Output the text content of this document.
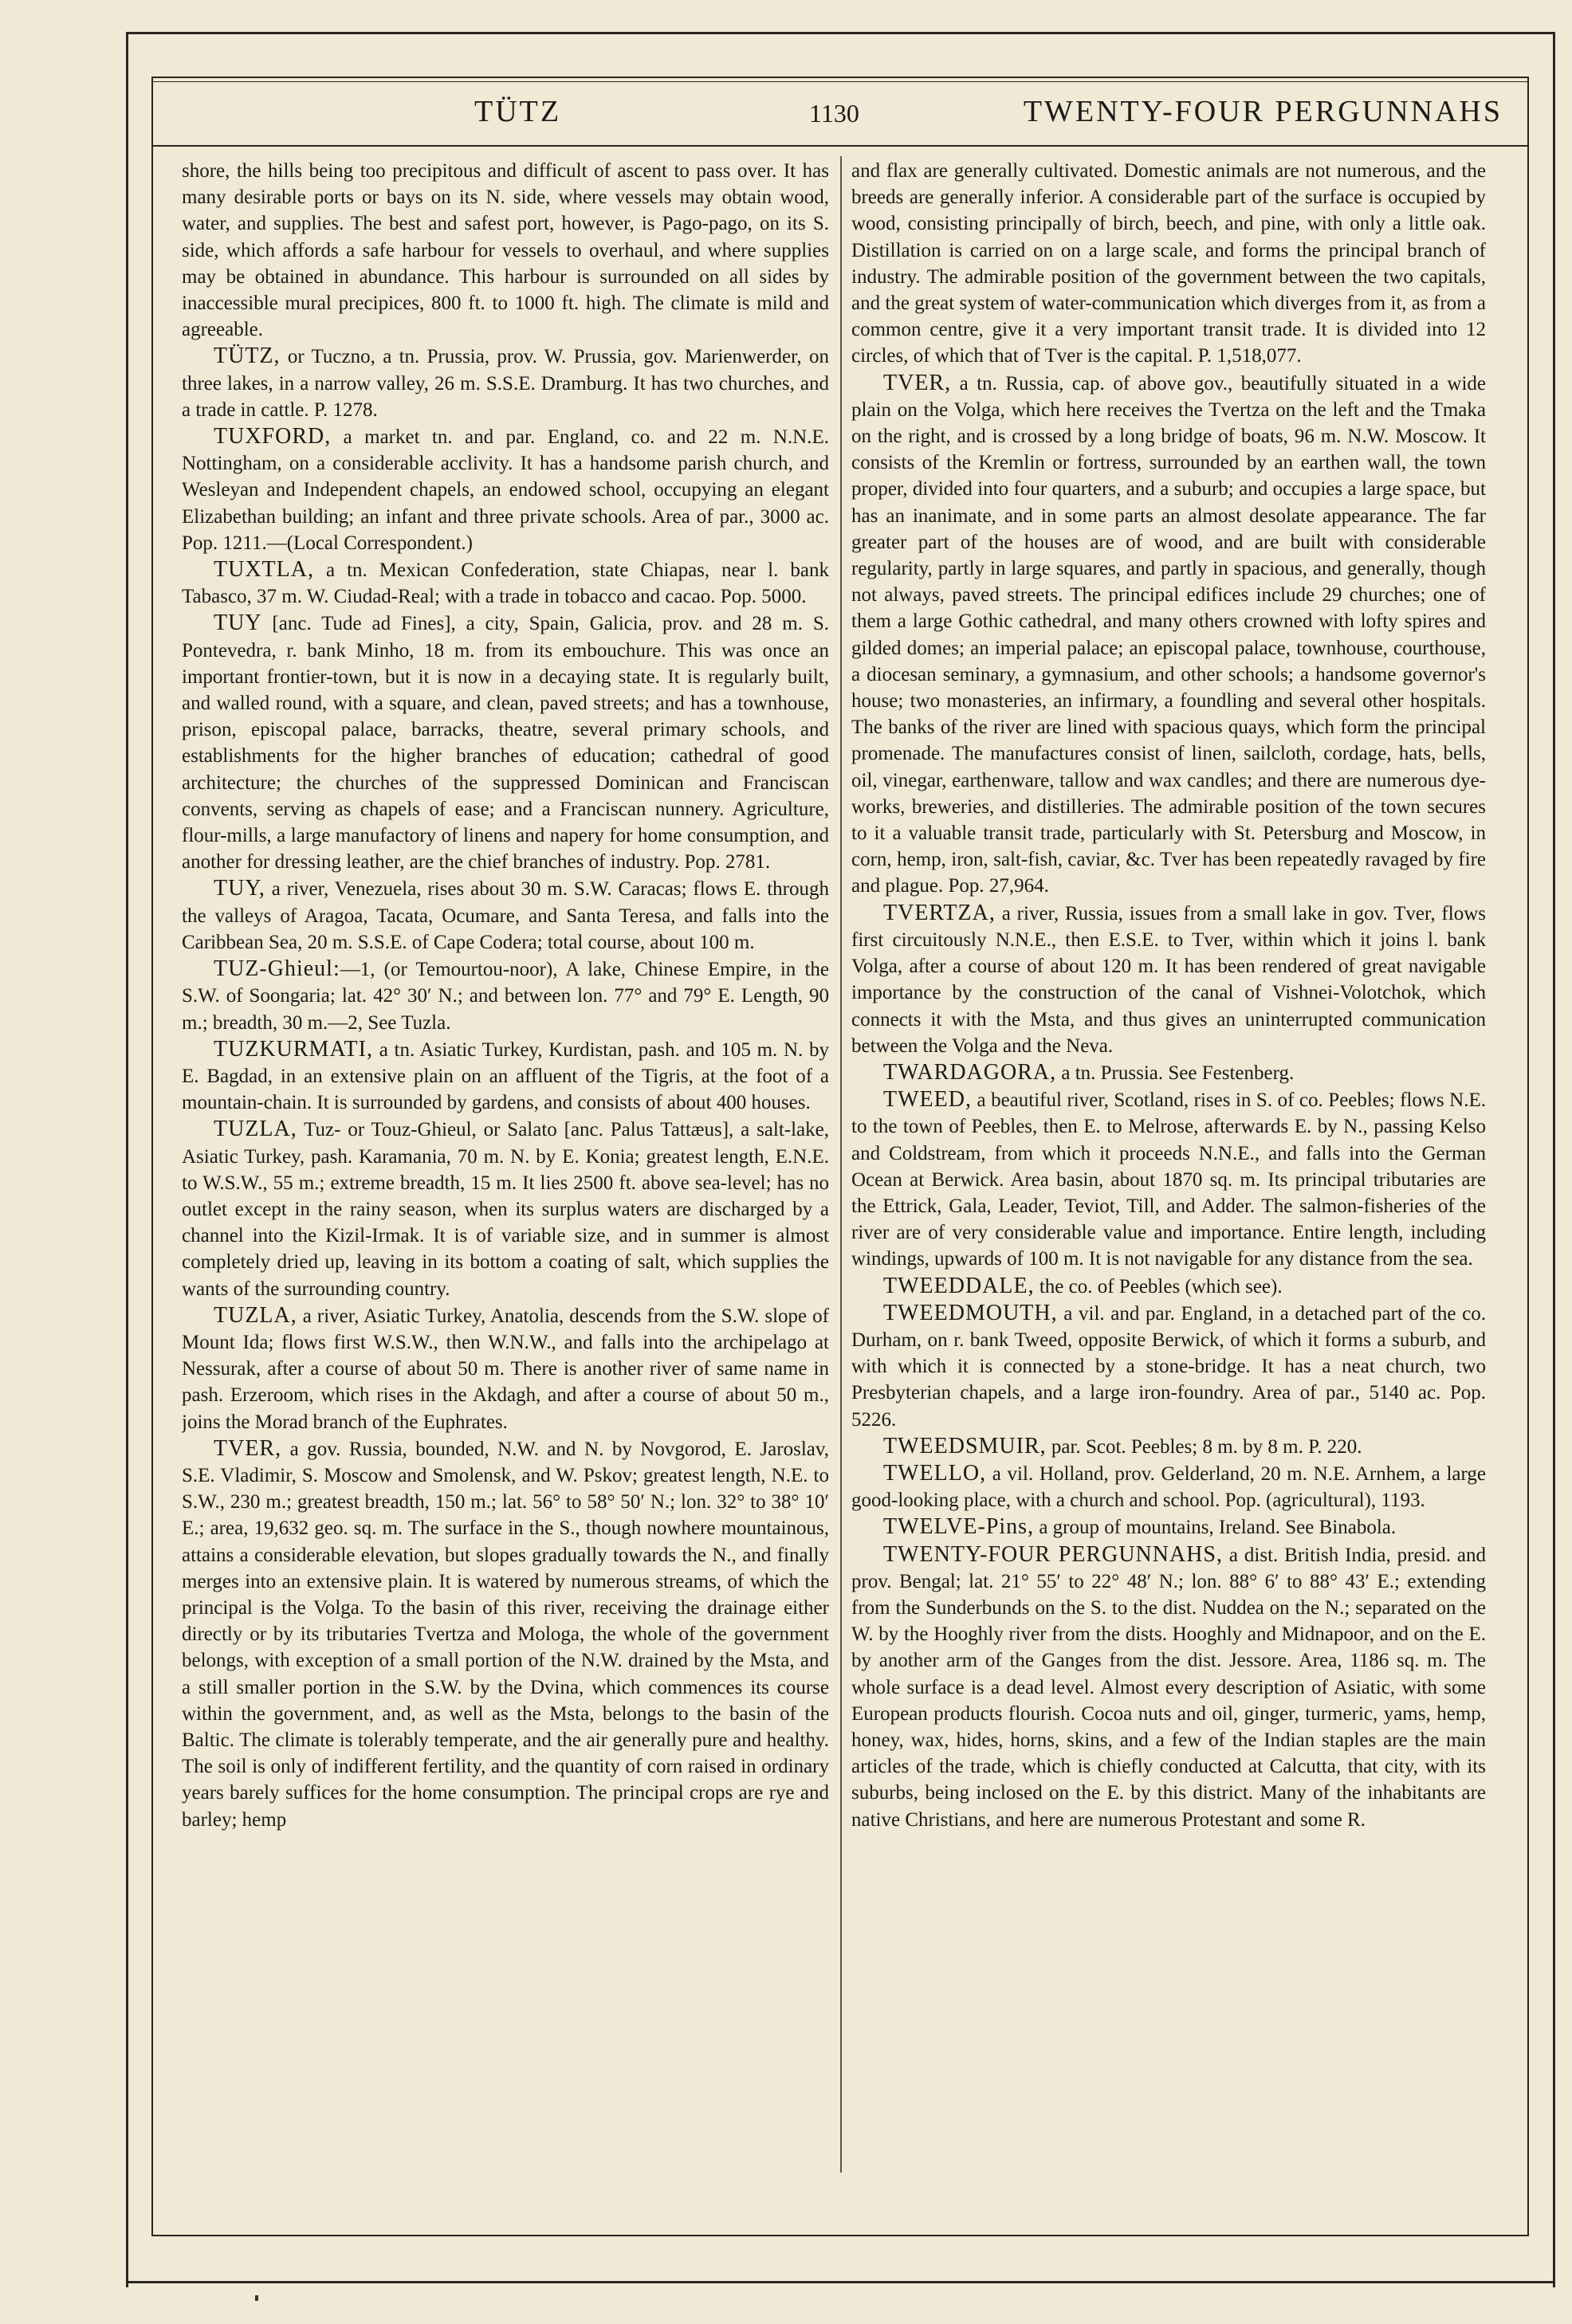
TÜTZ	1130	TWENTY-FOUR PERGUNNAHS

shore, the hills being too precipitous and difficult of ascent to pass over. It has many desirable ports or bays on its N. side, where vessels may obtain wood, water, and supplies. The best and safest port, however, is Pago-pago, on its S. side, which affords a safe harbour for vessels to overhaul, and where supplies may be obtained in abundance. This harbour is surrounded on all sides by inaccessible mural precipices, 800 ft. to 1000 ft. high. The climate is mild and agreeable.

TÜTZ, or Tuczno, a tn. Prussia, prov. W. Prussia, gov. Marienwerder, on three lakes, in a narrow valley, 26 m. S.S.E. Dramburg. It has two churches, and a trade in cattle. P. 1278.

TUXFORD, a market tn. and par. England, co. and 22 m. N.N.E. Nottingham, on a considerable acclivity. It has a handsome parish church, and Wesleyan and Independent chapels, an endowed school, occupying an elegant Elizabethan building; an infant and three private schools. Area of par., 3000 ac. Pop. 1211.—(Local Correspondent.)

TUXTLA, a tn. Mexican Confederation, state Chiapas, near l. bank Tabasco, 37 m. W. Ciudad-Real; with a trade in tobacco and cacao. Pop. 5000.

TUY [anc. Tude ad Fines], a city, Spain, Galicia, prov. and 28 m. S. Pontevedra, r. bank Minho, 18 m. from its embouchure. This was once an important frontier-town, but it is now in a decaying state. It is regularly built, and walled round, with a square, and clean, paved streets; and has a townhouse, prison, episcopal palace, barracks, theatre, several primary schools, and establishments for the higher branches of education; cathedral of good architecture; the churches of the suppressed Dominican and Franciscan convents, serving as chapels of ease; and a Franciscan nunnery. Agriculture, flour-mills, a large manufactory of linens and napery for home consumption, and another for dressing leather, are the chief branches of industry. Pop. 2781.

TUY, a river, Venezuela, rises about 30 m. S.W. Caracas; flows E. through the valleys of Aragoa, Tacata, Ocumare, and Santa Teresa, and falls into the Caribbean Sea, 20 m. S.S.E. of Cape Codera; total course, about 100 m.

TUZ-Ghieul:—1, (or Temourtou-noor), A lake, Chinese Empire, in the S.W. of Soongaria; lat. 42° 30′ N.; and between lon. 77° and 79° E. Length, 90 m.; breadth, 30 m.—2, See Tuzla.

TUZKURMATI, a tn. Asiatic Turkey, Kurdistan, pash. and 105 m. N. by E. Bagdad, in an extensive plain on an affluent of the Tigris, at the foot of a mountain-chain. It is surrounded by gardens, and consists of about 400 houses.

TUZLA, Tuz- or Touz-Ghieul, or Salato [anc. Palus Tattæus], a salt-lake, Asiatic Turkey, pash. Karamania, 70 m. N. by E. Konia; greatest length, E.N.E. to W.S.W., 55 m.; extreme breadth, 15 m. It lies 2500 ft. above sea-level; has no outlet except in the rainy season, when its surplus waters are discharged by a channel into the Kizil-Irmak. It is of variable size, and in summer is almost completely dried up, leaving in its bottom a coating of salt, which supplies the wants of the surrounding country.

TUZLA, a river, Asiatic Turkey, Anatolia, descends from the S.W. slope of Mount Ida; flows first W.S.W., then W.N.W., and falls into the archipelago at Nessurak, after a course of about 50 m. There is another river of same name in pash. Erzeroom, which rises in the Akdagh, and after a course of about 50 m., joins the Morad branch of the Euphrates.

TVER, a gov. Russia, bounded, N.W. and N. by Novgorod, E. Jaroslav, S.E. Vladimir, S. Moscow and Smolensk, and W. Pskov; greatest length, N.E. to S.W., 230 m.; greatest breadth, 150 m.; lat. 56° to 58° 50′ N.; lon. 32° to 38° 10′ E.; area, 19,632 geo. sq. m. The surface in the S., though nowhere mountainous, attains a considerable elevation, but slopes gradually towards the N., and finally merges into an extensive plain. It is watered by numerous streams, of which the principal is the Volga. To the basin of this river, receiving the drainage either directly or by its tributaries Tvertza and Mologa, the whole of the government belongs, with exception of a small portion of the N.W. drained by the Msta, and a still smaller portion in the S.W. by the Dvina, which commences its course within the government, and, as well as the Msta, belongs to the basin of the Baltic. The climate is tolerably temperate, and the air generally pure and healthy. The soil is only of indifferent fertility, and the quantity of corn raised in ordinary years barely suffices for the home consumption. The principal crops are rye and barley; hemp

and flax are generally cultivated. Domestic animals are not numerous, and the breeds are generally inferior. A considerable part of the surface is occupied by wood, consisting principally of birch, beech, and pine, with only a little oak. Distillation is carried on on a large scale, and forms the principal branch of industry. The admirable position of the government between the two capitals, and the great system of water-communication which diverges from it, as from a common centre, give it a very important transit trade. It is divided into 12 circles, of which that of Tver is the capital. P. 1,518,077.

TVER, a tn. Russia, cap. of above gov., beautifully situated in a wide plain on the Volga, which here receives the Tvertza on the left and the Tmaka on the right, and is crossed by a long bridge of boats, 96 m. N.W. Moscow. It consists of the Kremlin or fortress, surrounded by an earthen wall, the town proper, divided into four quarters, and a suburb; and occupies a large space, but has an inanimate, and in some parts an almost desolate appearance. The far greater part of the houses are of wood, and are built with considerable regularity, partly in large squares, and partly in spacious, and generally, though not always, paved streets. The principal edifices include 29 churches; one of them a large Gothic cathedral, and many others crowned with lofty spires and gilded domes; an imperial palace; an episcopal palace, townhouse, courthouse, a diocesan seminary, a gymnasium, and other schools; a handsome governor's house; two monasteries, an infirmary, a foundling and several other hospitals. The banks of the river are lined with spacious quays, which form the principal promenade. The manufactures consist of linen, sailcloth, cordage, hats, bells, oil, vinegar, earthenware, tallow and wax candles; and there are numerous dye-works, breweries, and distilleries. The admirable position of the town secures to it a valuable transit trade, particularly with St. Petersburg and Moscow, in corn, hemp, iron, salt-fish, caviar, &c. Tver has been repeatedly ravaged by fire and plague. Pop. 27,964.

TVERTZA, a river, Russia, issues from a small lake in gov. Tver, flows first circuitously N.N.E., then E.S.E. to Tver, within which it joins l. bank Volga, after a course of about 120 m. It has been rendered of great navigable importance by the construction of the canal of Vishnei-Volotchok, which connects it with the Msta, and thus gives an uninterrupted communication between the Volga and the Neva.

TWARDAGORA, a tn. Prussia. See Festenberg.

TWEED, a beautiful river, Scotland, rises in S. of co. Peebles; flows N.E. to the town of Peebles, then E. to Melrose, afterwards E. by N., passing Kelso and Coldstream, from which it proceeds N.N.E., and falls into the German Ocean at Berwick. Area basin, about 1870 sq. m. Its principal tributaries are the Ettrick, Gala, Leader, Teviot, Till, and Adder. The salmon-fisheries of the river are of very considerable value and importance. Entire length, including windings, upwards of 100 m. It is not navigable for any distance from the sea.

TWEEDDALE, the co. of Peebles (which see).

TWEEDMOUTH, a vil. and par. England, in a detached part of the co. Durham, on r. bank Tweed, opposite Berwick, of which it forms a suburb, and with which it is connected by a stone-bridge. It has a neat church, two Presbyterian chapels, and a large iron-foundry. Area of par., 5140 ac. Pop. 5226.

TWEEDSMUIR, par. Scot. Peebles; 8 m. by 8 m. P. 220.

TWELLO, a vil. Holland, prov. Gelderland, 20 m. N.E. Arnhem, a large good-looking place, with a church and school. Pop. (agricultural), 1193.

TWELVE-Pins, a group of mountains, Ireland. See Binabola.

TWENTY-FOUR PERGUNNAHS, a dist. British India, presid. and prov. Bengal; lat. 21° 55′ to 22° 48′ N.; lon. 88° 6′ to 88° 43′ E.; extending from the Sunderbunds on the S. to the dist. Nuddea on the N.; separated on the W. by the Hooghly river from the dists. Hooghly and Midnapoor, and on the E. by another arm of the Ganges from the dist. Jessore. Area, 1186 sq. m. The whole surface is a dead level. Almost every description of Asiatic, with some European products flourish. Cocoa nuts and oil, ginger, turmeric, yams, hemp, honey, wax, hides, horns, skins, and a few of the Indian staples are the main articles of the trade, which is chiefly conducted at Calcutta, that city, with its suburbs, being inclosed on the E. by this district. Many of the inhabitants are native Christians, and here are numerous Protestant and some R.
